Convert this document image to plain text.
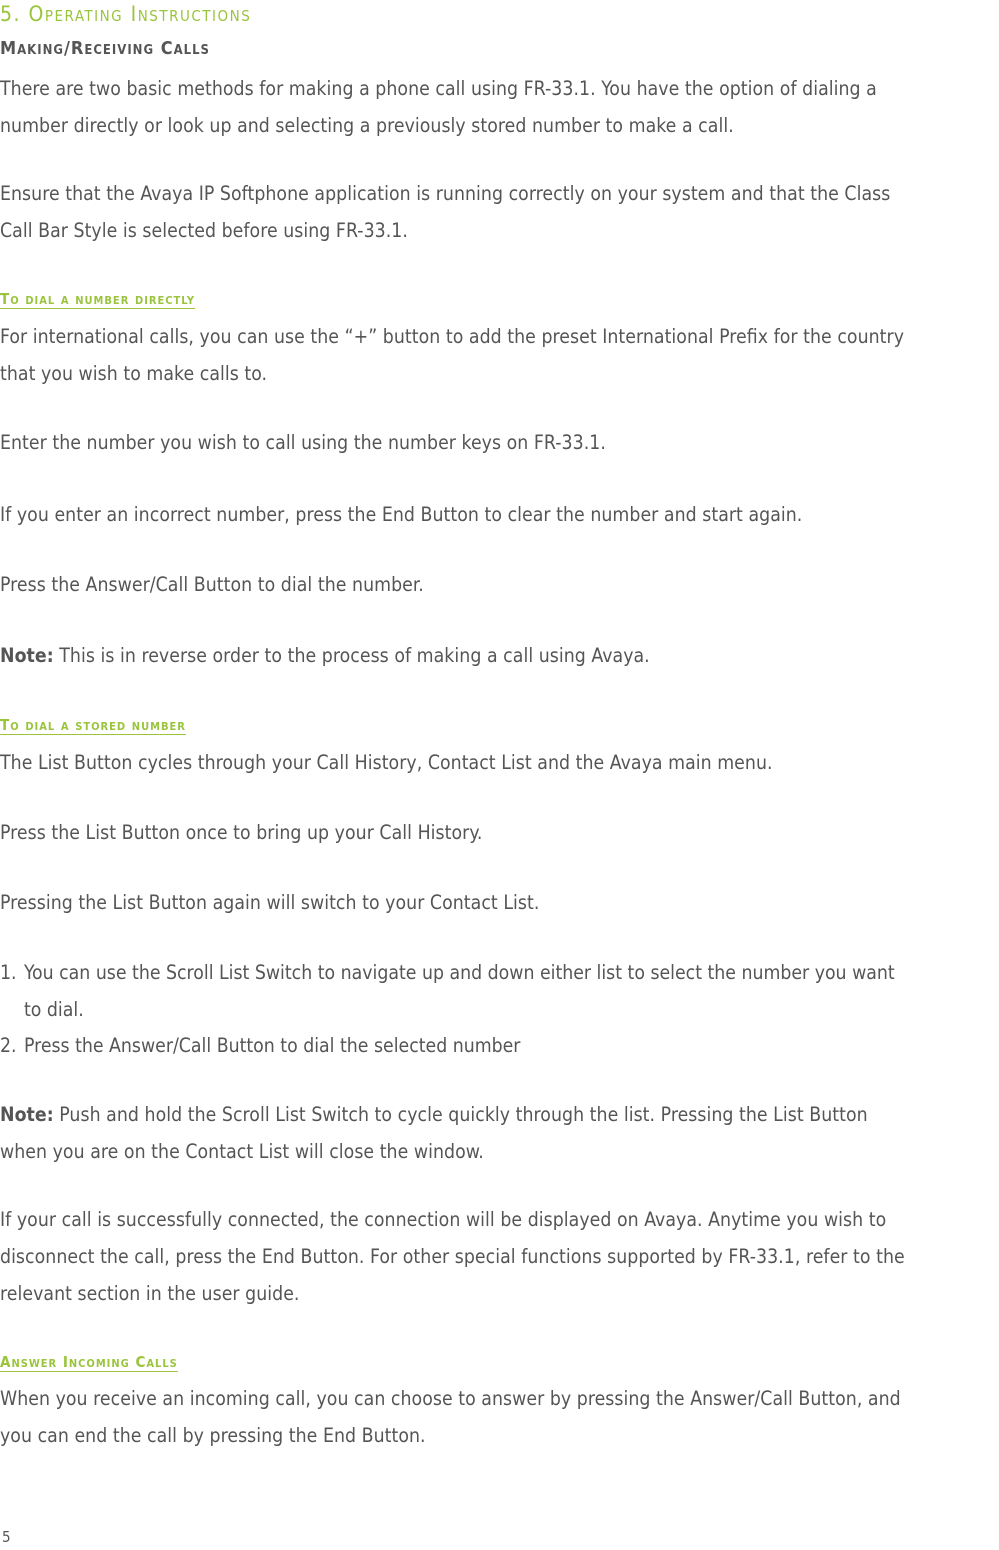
5. Operating Instructions
Making/Receiving Calls

There are two basic methods for making a phone call using FR-33.1. You have the option of dialing a

number directly or look up and selecting a previously stored number to make a call.

Ensure that the Avaya IP Softphone application is running correctly on your system and that the Class

Call Bar Style is selected before using FR-33.1.

To dial a number directly

For international calls, you can use the “+” button to add the preset International Preﬁx for the country

that you wish to make calls to.

Enter the number you wish to call using the number keys on FR-33.1.

If you enter an incorrect number, press the End Button to clear the number and start again.

Press the Answer/Call Button to dial the number.

Note: This is in reverse order to the process of making a call using Avaya.

To dial a stored number

The List Button cycles through your Call History, Contact List and the Avaya main menu.

Press the List Button once to bring up your Call History.

Pressing the List Button again will switch to your Contact List.

1. You can use the Scroll List Switch to navigate up and down either list to select the number you want

to dial.

2. Press the Answer/Call Button to dial the selected number

Note: Push and hold the Scroll List Switch to cycle quickly through the list. Pressing the List Button

when you are on the Contact List will close the window.

If your call is successfully connected, the connection will be displayed on Avaya. Anytime you wish to

disconnect the call, press the End Button. For other special functions supported by FR-33.1, refer to the

relevant section in the user guide.

Answer Incoming Calls

When you receive an incoming call, you can choose to answer by pressing the Answer/Call Button, and

you can end the call by pressing the End Button.

5
